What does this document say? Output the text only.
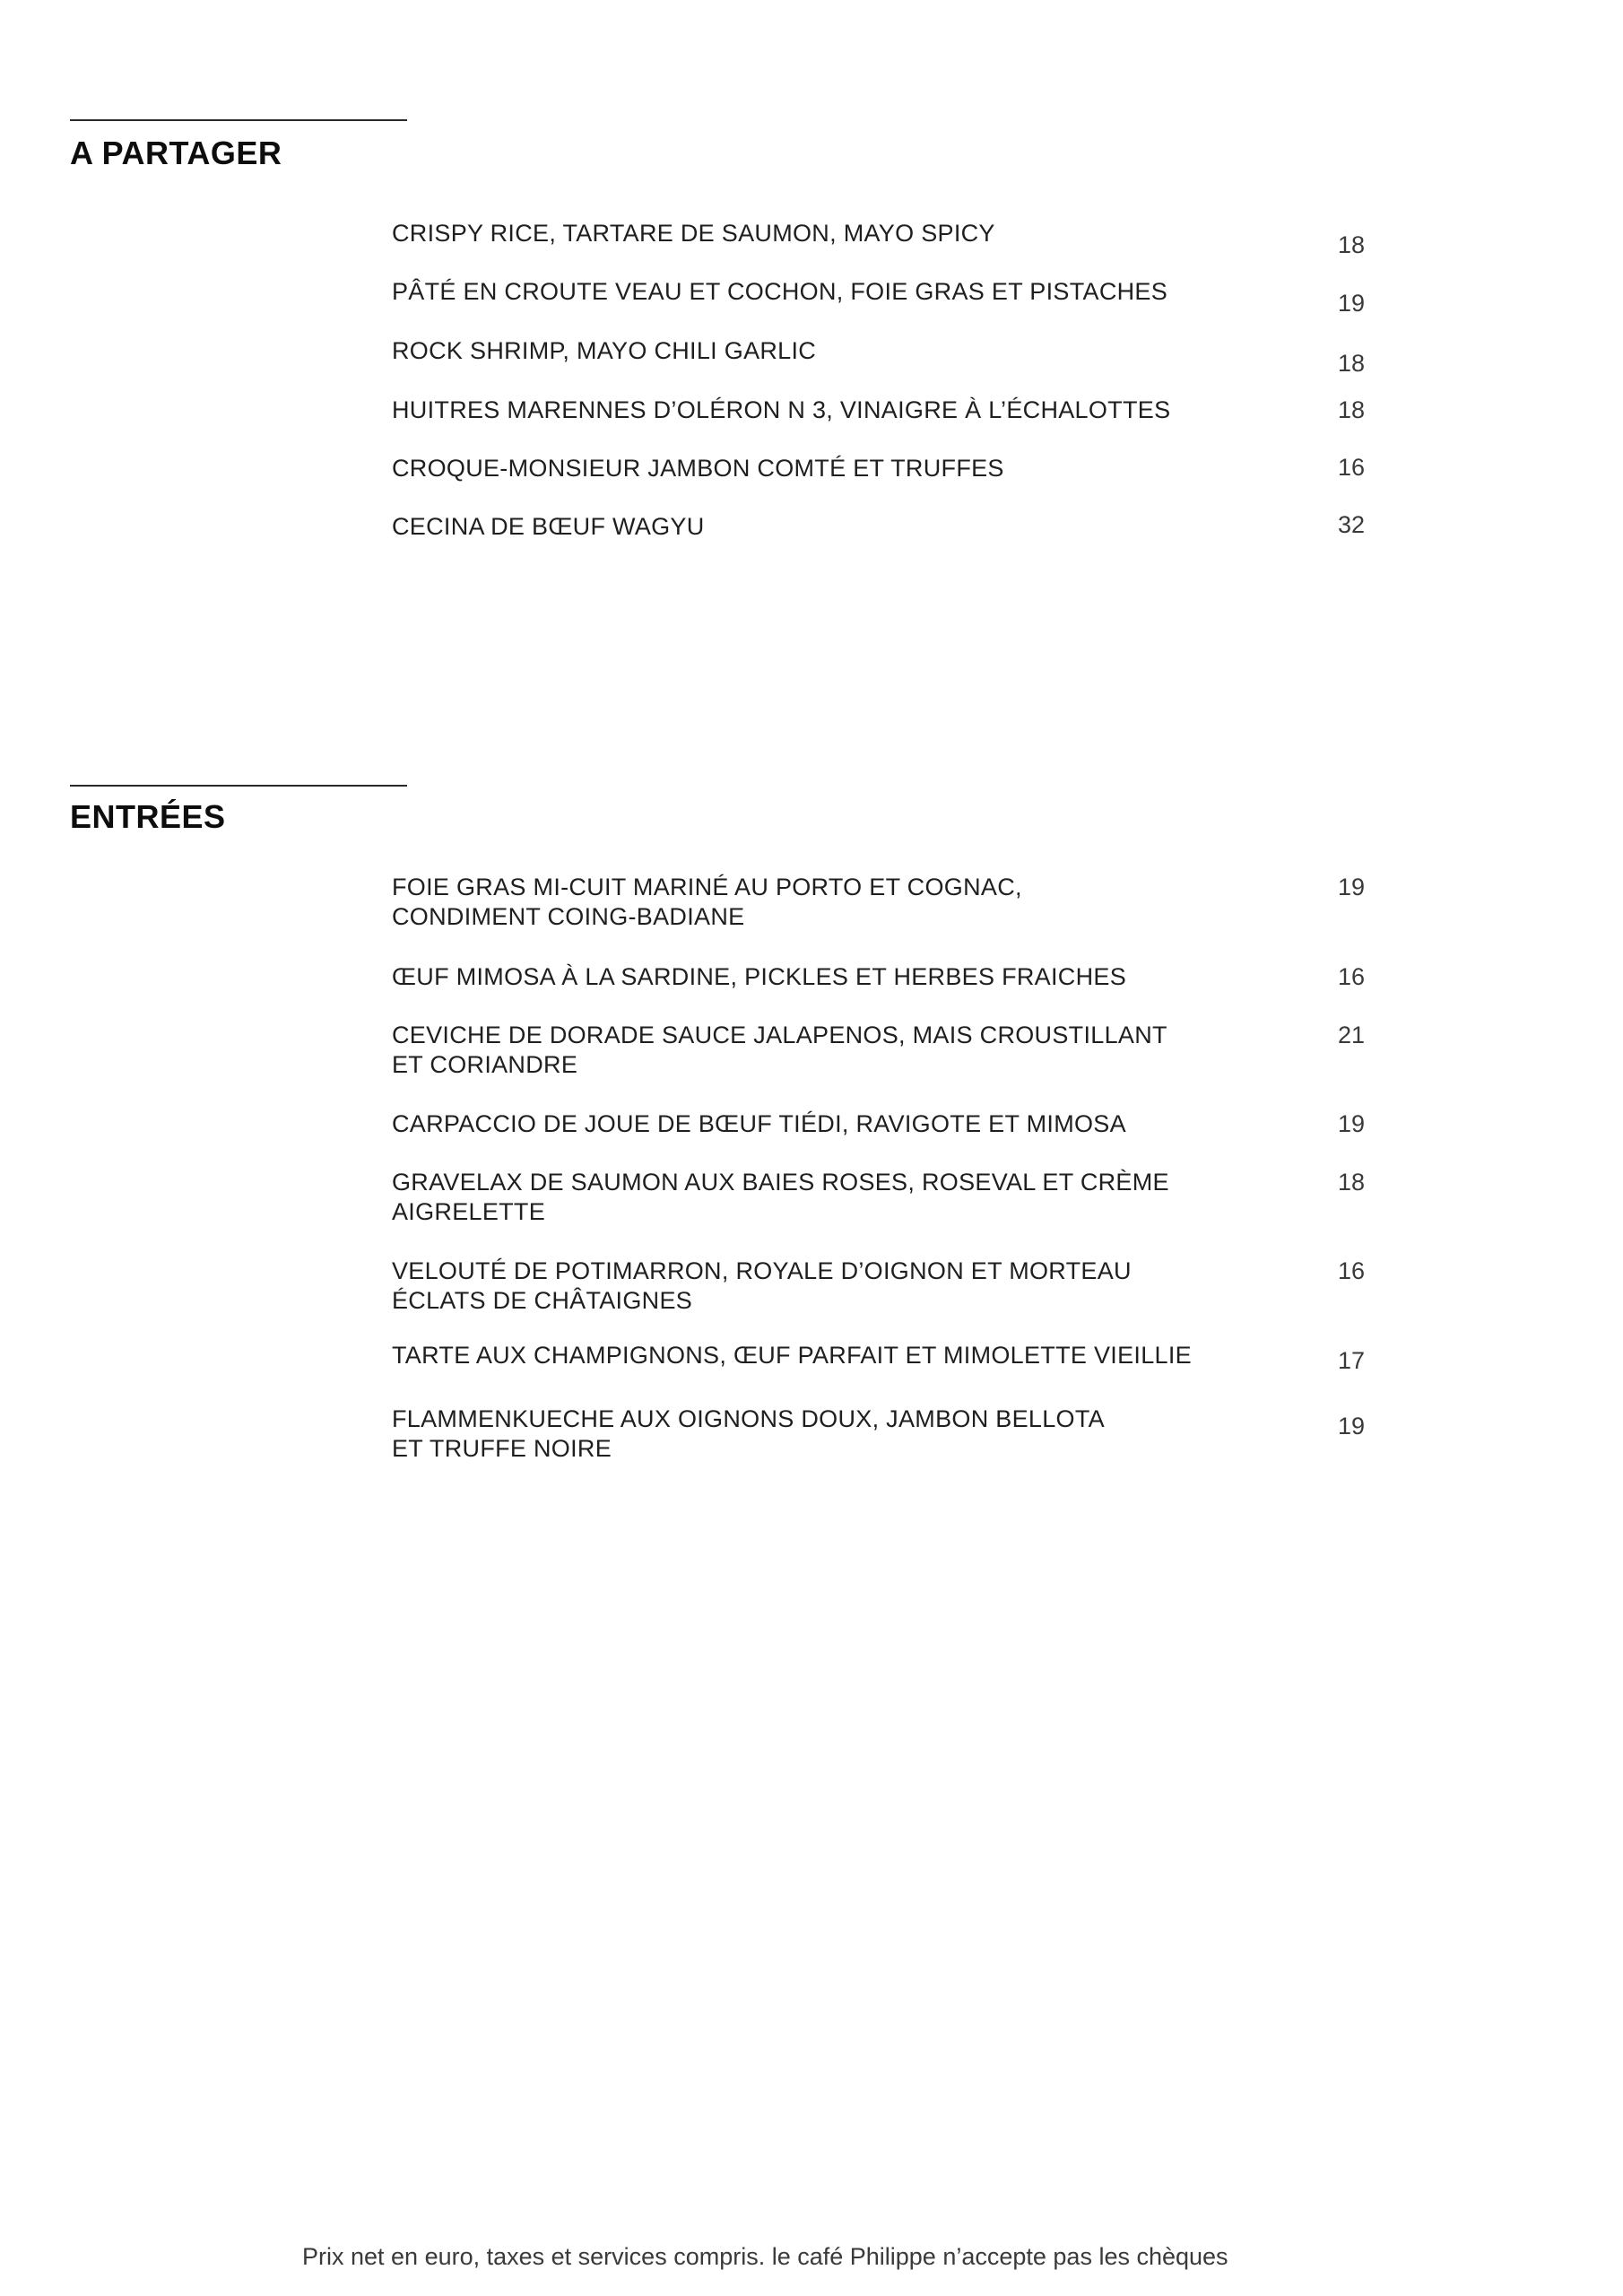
A PARTAGER
CRISPY RICE, TARTARE DE SAUMON, MAYO SPICY	18
PÂTÉ EN CROUTE VEAU ET COCHON, FOIE GRAS ET PISTACHES	19
ROCK SHRIMP, MAYO CHILI GARLIC	18
HUITRES MARENNES D’OLÉRON N 3, VINAIGRE À L’ÉCHALOTTES	18
CROQUE-MONSIEUR JAMBON COMTÉ ET TRUFFES	16
CECINA DE BŒUF WAGYU	32
ENTRÉES
FOIE GRAS MI-CUIT MARINÉ AU PORTO ET COGNAC,
CONDIMENT COING-BADIANE
19
ŒUF MIMOSA À LA SARDINE, PICKLES ET HERBES FRAICHES	16
CEVICHE DE DORADE SAUCE JALAPENOS, MAIS CROUSTILLANT
ET CORIANDRE
21
CARPACCIO DE JOUE DE BŒUF TIÉDI, RAVIGOTE ET MIMOSA	19
GRAVELAX DE SAUMON AUX BAIES ROSES, ROSEVAL ET CRÈME
AIGRELETTE
18
VELOUTÉ DE POTIMARRON, ROYALE D’OIGNON ET MORTEAU
ÉCLATS DE CHÂTAIGNES
16
TARTE AUX CHAMPIGNONS, ŒUF PARFAIT ET MIMOLETTE VIEILLIE	17
FLAMMENKUECHE AUX OIGNONS DOUX, JAMBON BELLOTA
ET TRUFFE NOIRE
19
Prix net en euro, taxes et services compris. le café Philippe n’accepte pas les chèques
